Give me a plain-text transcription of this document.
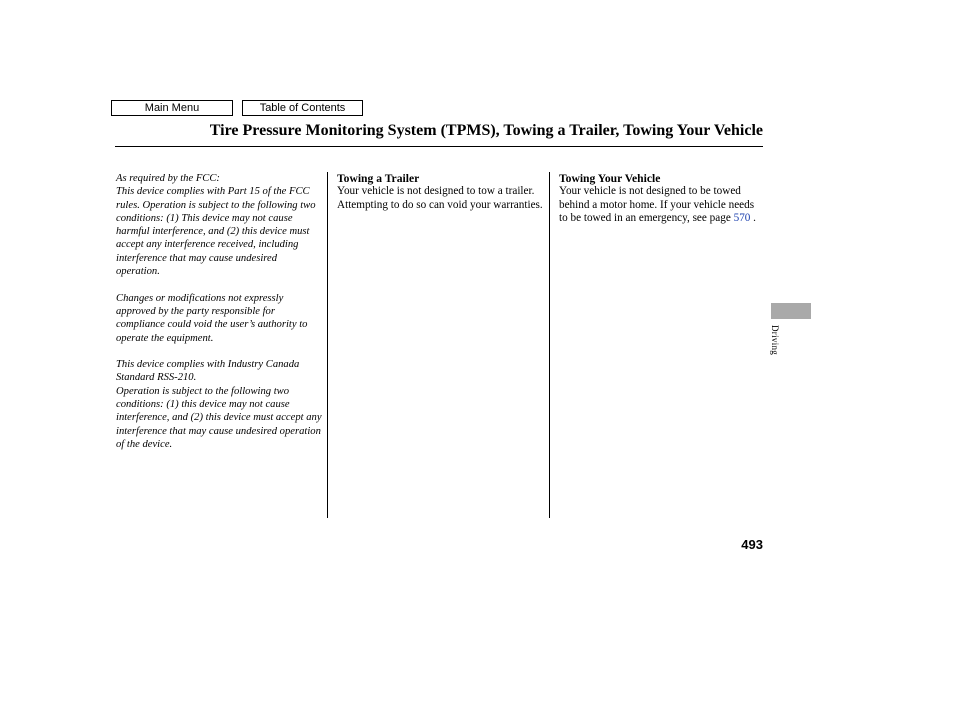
Main Menu	Table of Contents
Tire Pressure Monitoring System (TPMS), Towing a Trailer, Towing Your Vehicle

As required by the FCC:
This device complies with Part 15 of the FCC rules. Operation is subject to the following two conditions: (1) This device may not cause harmful interference, and (2) this device must accept any interference received, including interference that may cause undesired operation.

Changes or modifications not expressly approved by the party responsible for compliance could void the user’s authority to operate the equipment.

This device complies with Industry Canada Standard RSS-210.
Operation is subject to the following two conditions: (1) this device may not cause interference, and (2) this device must accept any interference that may cause undesired operation of the device.

Towing a Trailer

Your vehicle is not designed to tow a trailer. Attempting to do so can void your warranties.

Towing Your Vehicle

Your vehicle is not designed to be towed behind a motor home. If your vehicle needs to be towed in an emergency, see page 570 .

Driving
493
